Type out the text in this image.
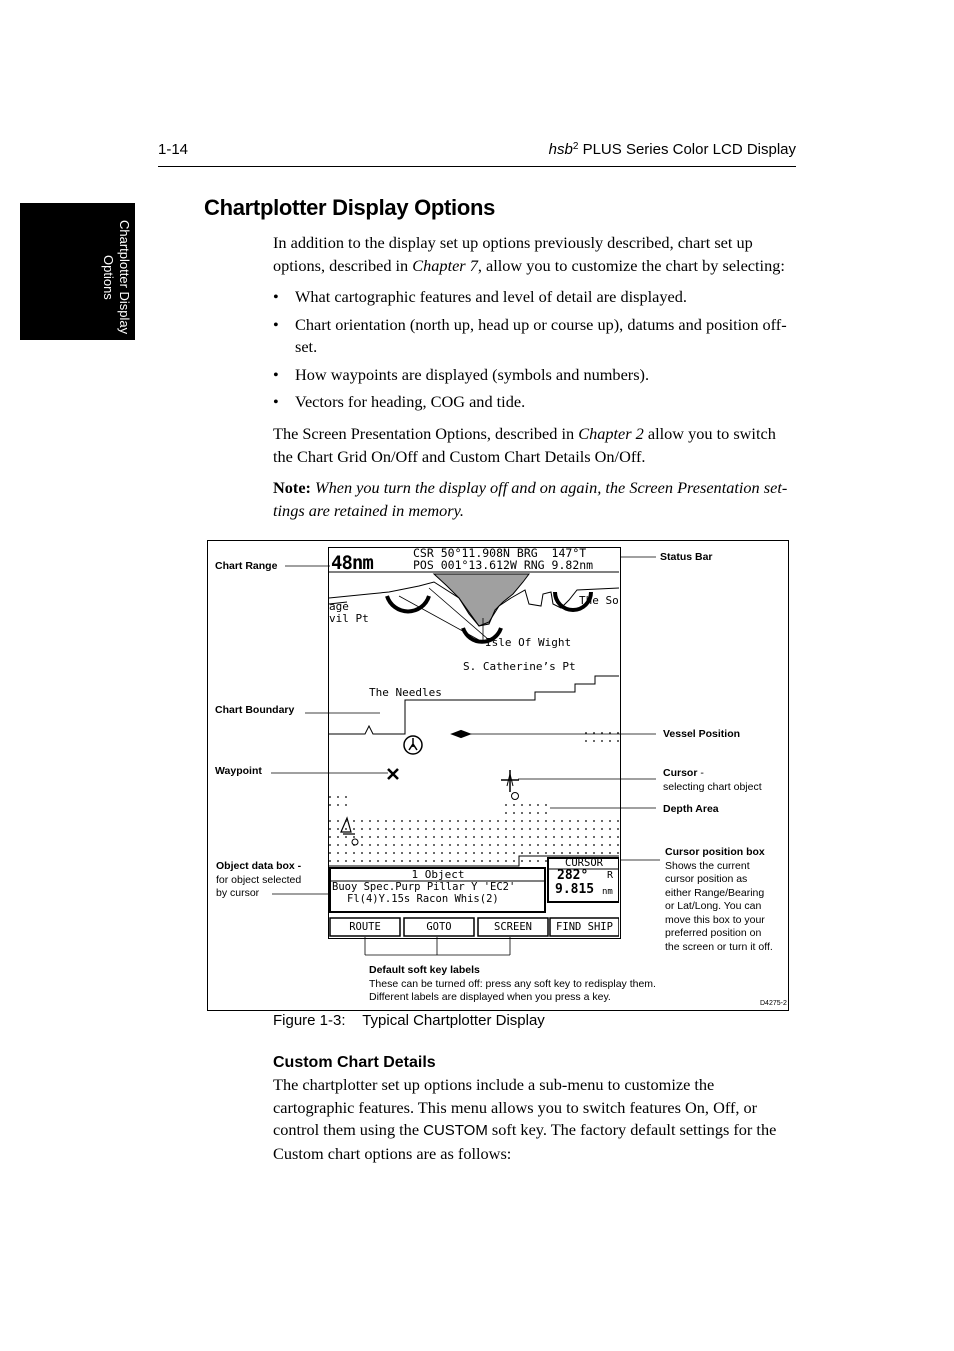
1-14	hsb$^2$ PLUS Series Color LCD Display
Chartplotter Display Options
Chartplotter Display Options
In addition to the display set up options previously described, chart set up options, described in Chapter 7, allow you to customize the chart by selecting:
• What cartographic features and level of detail are displayed.
• Chart orientation (north up, head up or course up), datums and position off-set.
• How waypoints are displayed (symbols and numbers).
• Vectors for heading, COG and tide.
The Screen Presentation Options, described in Chapter 2 allow you to switch the Chart Grid On/Off and Custom Chart Details On/Off.
Note: When you turn the display off and on again, the Screen Presentation set-tings are retained in memory.
48nm	CSR 50°11.908N BRG 147°T
POS 001°13.612W RNG 9.82nm
age
vil Pt
The So
Isle Of Wight
S. Catherine’s Pt
The Needles
1 Object
Buoy Spec.Purp Pillar Y 'EC2'
Fl(4)Y.15s Racon Whis(2)
CURSOR
282° R
9.815 nm
ROUTE	GOTO	SCREEN	FIND SHIP
Chart Range
Chart Boundary
Waypoint
Object data box -
for object selected
by cursor
Status Bar
Vessel Position
Cursor -
selecting chart object
Depth Area
Cursor position box
Shows the current
cursor position as
either Range/Bearing
or Lat/Long. You can
move this box to your
preferred position on
the screen or turn it off.
Default soft key labels
These can be turned off: press any soft key to redisplay them.
Different labels are displayed when you press a key.
D4275-2
Figure 1-3: Typical Chartplotter Display
Custom Chart Details
The chartplotter set up options include a sub-menu to customize the cartographic features. This menu allows you to switch features On, Off, or control them using the CUSTOM soft key. The factory default settings for the Custom chart options are as follows:
